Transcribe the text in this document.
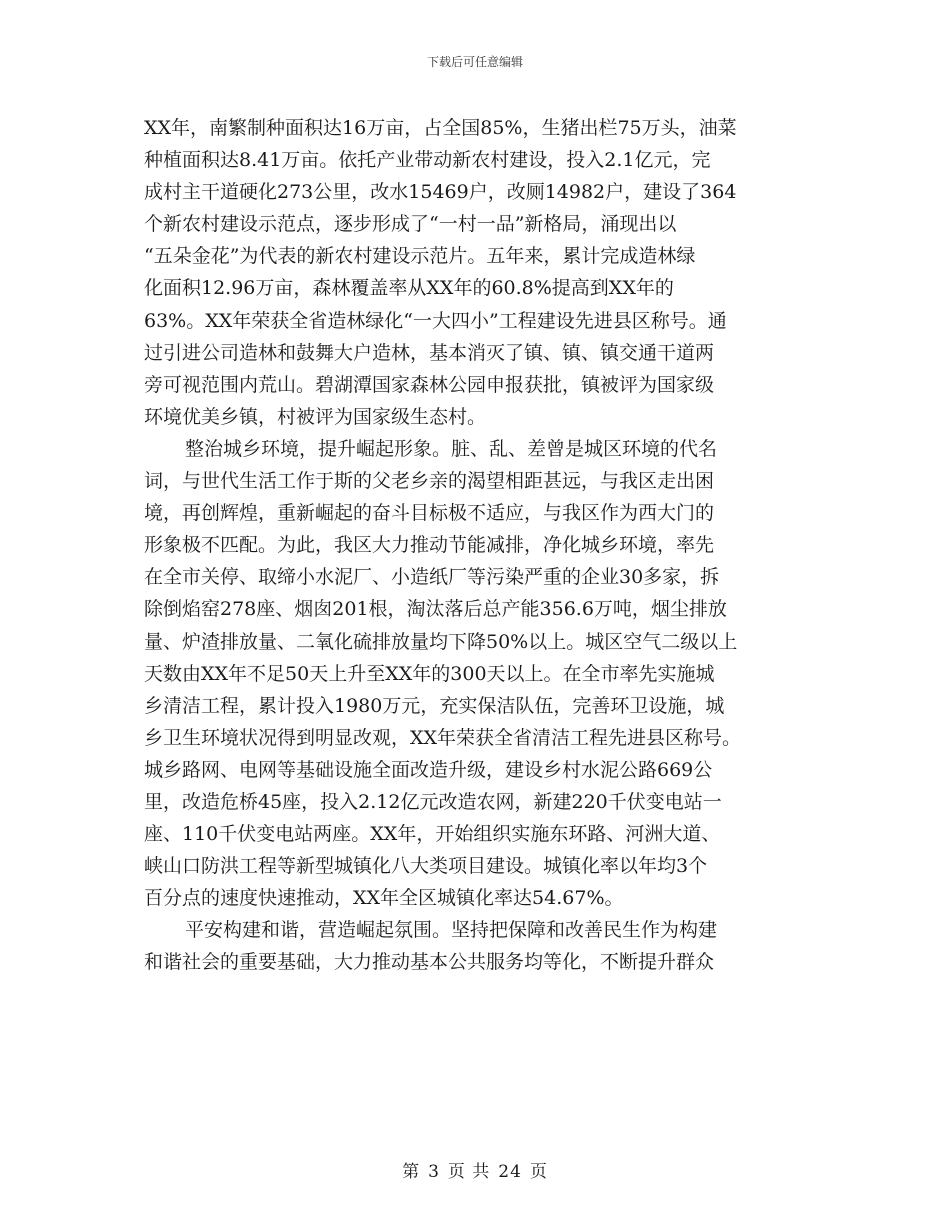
下载后可任意编辑
XX年，南繁制种面积达16万亩，占全国85%，生猪出栏75万头，油菜
种植面积达8.41万亩。依托产业带动新农村建设，投入2.1亿元，完
成村主干道硬化273公里，改水15469户，改厕14982户，建设了364
个新农村建设示范点，逐步形成了“一村一品”新格局，涌现出以
“五朵金花”为代表的新农村建设示范片。五年来，累计完成造林绿
化面积12.96万亩，森林覆盖率从XX年的60.8%提高到XX年的
63%。XX年荣获全省造林绿化“一大四小”工程建设先进县区称号。通
过引进公司造林和鼓舞大户造林，基本消灭了镇、镇、镇交通干道两
旁可视范围内荒山。碧湖潭国家森林公园申报获批，镇被评为国家级
环境优美乡镇，村被评为国家级生态村。
整治城乡环境，提升崛起形象。脏、乱、差曾是城区环境的代名
词，与世代生活工作于斯的父老乡亲的渴望相距甚远，与我区走出困
境，再创辉煌，重新崛起的奋斗目标极不适应，与我区作为西大门的
形象极不匹配。为此，我区大力推动节能减排，净化城乡环境，率先
在全市关停、取缔小水泥厂、小造纸厂等污染严重的企业30多家，拆
除倒焰窑278座、烟囱201根，淘汰落后总产能356.6万吨，烟尘排放
量、炉渣排放量、二氧化硫排放量均下降50%以上。城区空气二级以上
天数由XX年不足50天上升至XX年的300天以上。在全市率先实施城
乡清洁工程，累计投入1980万元，充实保洁队伍，完善环卫设施，城
乡卫生环境状况得到明显改观，XX年荣获全省清洁工程先进县区称号。
城乡路网、电网等基础设施全面改造升级，建设乡村水泥公路669公
里，改造危桥45座，投入2.12亿元改造农网，新建220千伏变电站一
座、110千伏变电站两座。XX年，开始组织实施东环路、河洲大道、
峡山口防洪工程等新型城镇化八大类项目建设。城镇化率以年均3个
百分点的速度快速推动，XX年全区城镇化率达54.67%。
平安构建和谐，营造崛起氛围。坚持把保障和改善民生作为构建
和谐社会的重要基础，大力推动基本公共服务均等化，不断提升群众
第 3 页 共 24 页
